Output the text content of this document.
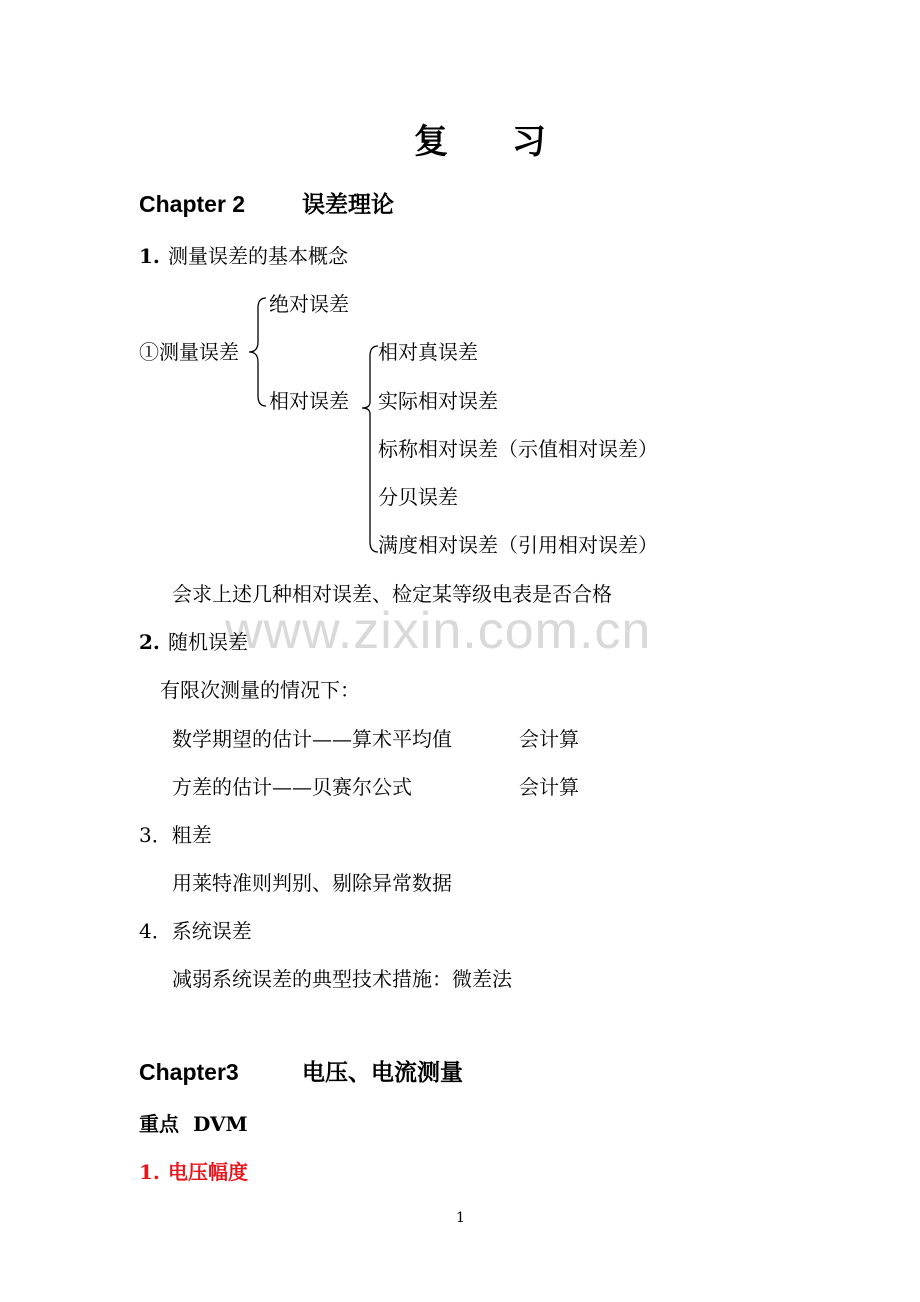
复 习
Chapter 2 误差理论
1. 测量误差的基本概念
绝对误差
①测量误差
相对误差
相对真误差
实际相对误差
标称相对误差（示值相对误差）
分贝误差
满度相对误差（引用相对误差）
会求上述几种相对误差、检定某等级电表是否合格
www.zixin.com.cn
2. 随机误差
有限次测量的情况下：
数学期望的估计——算术平均值	会计算
方差的估计——贝赛尔公式	会计算
3．粗差
用莱特准则判别、剔除异常数据
4．系统误差
减弱系统误差的典型技术措施：微差法
Chapter3	电压、电流测量
重点 DVM
1. 电压幅度
1
